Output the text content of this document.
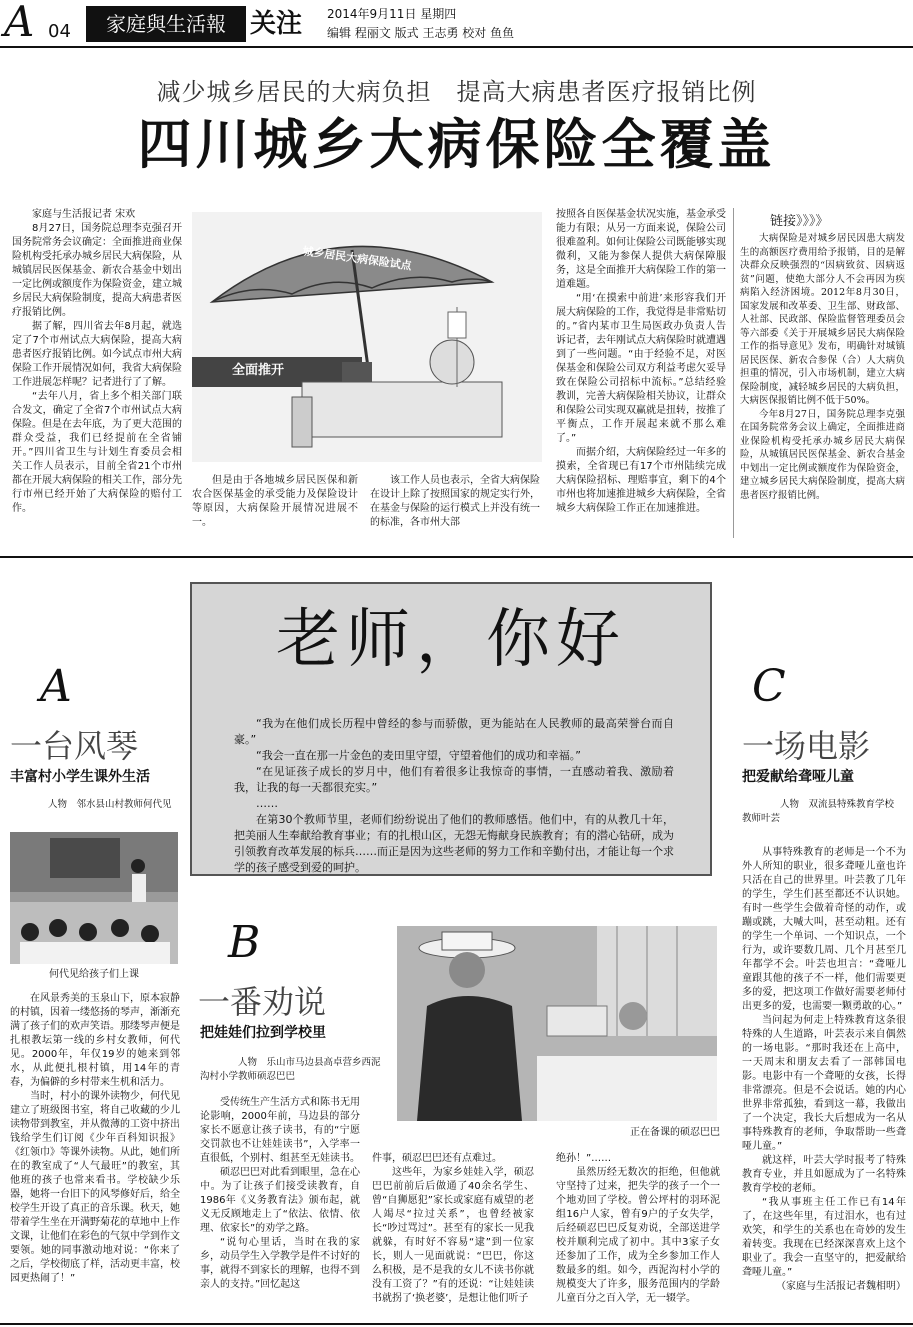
A 04	家庭與生活報 关注 2014年9月11日 星期四
编辑 程丽文 版式 王志勇 校对 鱼鱼
减少城乡居民的大病负担　提高大病患者医疗报销比例
四川城乡大病保险全覆盖
家庭与生活报记者 宋欢

8月27日，国务院总理李克强召开国务院常务会议确定：全面推进商业保险机构受托承办城乡居民大病保险，从城镇居民医保基金、新农合基金中划出一定比例或额度作为保险资金，建立城乡居民大病保险制度，提高大病患者医疗报销比例。

据了解，四川省去年8月起，就选定了7个市州试点大病保险，提高大病患者医疗报销比例。如今试点市州大病保险工作开展情况如何，我省大病保险工作进展怎样呢？记者进行了了解。

“去年八月，省上多个相关部门联合发文，确定了全省7个市州试点大病保险。但是在去年底，为了更大范围的群众受益，我们已经提前在全省铺开。”四川省卫生与计划生育委员会相关工作人员表示，目前全省21个市州都在开展大病保险的相关工作，部分先行市州已经开始了大病保险的赔付工作。

城乡居民大病保险试点
全面推开

但是由于各地城乡居民医保和新农合医保基金的承受能力及保险设计等原因，大病保险开展情况进展不一。

该工作人员也表示，全省大病保险在设计上除了按照国家的规定实行外，在基金与保险的运行模式上并没有统一的标准，各市州大部

按照各自医保基金状况实施，基金承受能力有限；从另一方面来说，保险公司很难盈利。如何让保险公司既能够实现微利，又能为参保人提供大病保障服务，这是全面推开大病保险工作的第一道难题。

“用‘在摸索中前进’来形容我们开展大病保险的工作，我觉得是非常贴切的。”省内某市卫生局医政办负责人告诉记者，去年刚试点大病保险时就遭遇到了一些问题。“由于经验不足，对医保基金和保险公司双方利益考虑欠妥导致在保险公司招标中流标。”总结经验教训，完善大病保险相关协议，让群众和保险公司实现双赢就是扭转，按推了平衡点，工作开展起来就不那么难了。”

而据介绍，大病保险经过一年多的摸索，全省现已有17个市州陆续完成大病保险招标、理赔事宜，剩下的4个市州也将加速推进城乡大病保险，全省城乡大病保险工作正在加速推进。

链接》》》》

大病保险是对城乡居民因患大病发生的高额医疗费用给予报销，目的是解决群众反映强烈的“因病致贫、因病返贫”问题，使绝大部分人不会再因为疾病陷入经济困境。2012年8月30日，国家发展和改革委、卫生部、财政部、人社部、民政部、保险监督管理委员会等六部委《关于开展城乡居民大病保险工作的指导意见》发布，明确针对城镇居民医保、新农合参保（合）人大病负担重的情况，引入市场机制，建立大病保险制度，减轻城乡居民的大病负担，大病医保报销比例不低于50%。

今年8月27日，国务院总理李克强在国务院常务会议上确定，全面推进商业保险机构受托承办城乡居民大病保险，从城镇居民医保基金、新农合基金中划出一定比例或额度作为保险资金，建立城乡居民大病保险制度，提高大病患者医疗报销比例。

老师，你好

“我为在他们成长历程中曾经的参与而骄傲，更为能站在人民教师的最高荣誉台而自豪。”

“我会一直在那一片金色的麦田里守望，守望着他们的成功和幸福。”

“在见证孩子成长的岁月中，他们有着很多让我惊奇的事情，一直感动着我、激励着我，让我的每一天都很充实。”

……

在第30个教师节里，老师们纷纷说出了他们的教师感悟。他们中，有的从教几十年，把美丽人生奉献给教育事业；有的扎根山区，无怨无悔献身民族教育；有的潜心钻研，成为引领教育改革发展的标兵……而正是因为这些老师的努力工作和辛勤付出，才能让每一个求学的孩子感受到爱的呵护。

A
一台风琴
丰富村小学生课外生活
人物　邻水县山村教师何代见
何代见给孩子们上课

在风景秀美的玉泉山下，原本寂静的村镇，因着一缕悠扬的琴声，渐渐充满了孩子们的欢声笑语。那缕琴声便是扎根教坛第一线的乡村女教师，何代见。2000年，年仅19岁的她来到邻水，从此便扎根村镇，用14年的青春，为偏僻的乡村带来生机和活力。

当时，村小的课外读物少，何代见建立了班级图书室，将自己收藏的少儿读物带到教室，并从微薄的工资中挤出钱给学生们订阅《少年百科知识报》《红领巾》等课外读物。从此，她们所在的教室成了“人气最旺”的教室，其他班的孩子也常来看书。学校缺少乐器，她将一台旧下的风琴修好后，给全校学生开设了真正的音乐课。秋天，她带着学生坐在开满野菊花的草地中上作文课，让他们在彩色的气氛中学到作文要领。她的同事激动地对说：“你来了之后，学校彻底了样，活动更丰富，校园更热闹了！”

B
一番劝说
把娃娃们拉到学校里
人物　乐山市马边县高卓营乡西泥沟村小学教师硕忍巴巴
正在备课的硕忍巴巴

受传统生产生活方式和陈书无用论影响，2000年前，马边县的部分家长不愿意让孩子读书，有的“宁愿交罚款也不让娃娃读书”，入学率一直很低，个别村、组甚至无娃读书。

硕忍巴巴对此看到眼里，急在心中。为了让孩子们接受读教育，自1986年《义务教育法》颁布起，就义无反顾地走上了“依法、依情、依理、依家长”的劝学之路。

“说句心里话，当时在我的家乡，动员学生入学教学是件不讨好的事，就得不到家长的理解，也得不到亲人的支持。”回忆起这

件事，硕忍巴巴还有点难过。

这些年，为家乡娃娃入学，硕忍巴巴前前后后做通了40余名学生、曾“自狮愿犯”家长或家庭有威望的老人竭尽“拉过关系”，也曾经被家长“吵过骂过”。甚至有的家长一见我就躲，有时好不容易“逮”到一位家长，则人一见面就说：“巴巴，你这么积极，是不是我的女儿不读书你就没有工资了？”有的还说：“让娃娃读书就拐了‘换老婆’，是想让他们听子

绝孙！”……

虽然历经无数次的拒绝，但他就守坚持了过来，把失学的孩子一个一个地劝回了学校。曾公坪村的羽环泥组16户人家，曾有9户的子女失学，后经硕忍巴巴反复劝说，全部送进学校并顺利完成了初中。其中3家子女还参加了工作，成为全乡参加工作人数最多的组。如今，西泥沟村小学的规模变大了许多，服务范围内的学龄儿童百分之百入学，无一辍学。

C
一场电影
把爱献给聋哑儿童
人物　双流县特殊教育学校教师叶芸

从事特殊教育的老师是一个不为外人所知的职业，很多聋哑儿童也许只活在自己的世界里。叶芸教了几年的学生，学生们甚至都还不认识她。有时一些学生会做着奇怪的动作，或蹦或跳，大喊大叫，甚至动粗。还有的学生一个单词、一个知识点，一个行为，或许要数几周、几个月甚至几年都学不会。叶芸也坦言：“聋哑儿童跟其他的孩子不一样，他们需要更多的爱，把这项工作做好需要老师付出更多的爱，也需要一颗勇敢的心。”

当问起为何走上特殊教育这条很特殊的人生道路，叶芸表示来自偶然的一场电影。“那时我还在上高中，一天周末和朋友去看了一部韩国电影。电影中有一个聋哑的女孩，长得非常漂亮。但是不会说话。她的内心世界非常孤独，看到这一幕，我做出了一个决定，我长大后想成为一名从事特殊教育的老师，争取帮助一些聋哑儿童。”

就这样，叶芸大学时报考了特殊教育专业，并且如愿成为了一名特殊教育学校的老师。

“我从事班主任工作已有14年了，在这些年里，有过泪水，也有过欢笑，和学生的关系也在奇妙的发生着转变。我现在已经深深喜欢上这个职业了。我会一直坚守的，把爱献给聋哑儿童。”

（家庭与生活报记者魏相明）
